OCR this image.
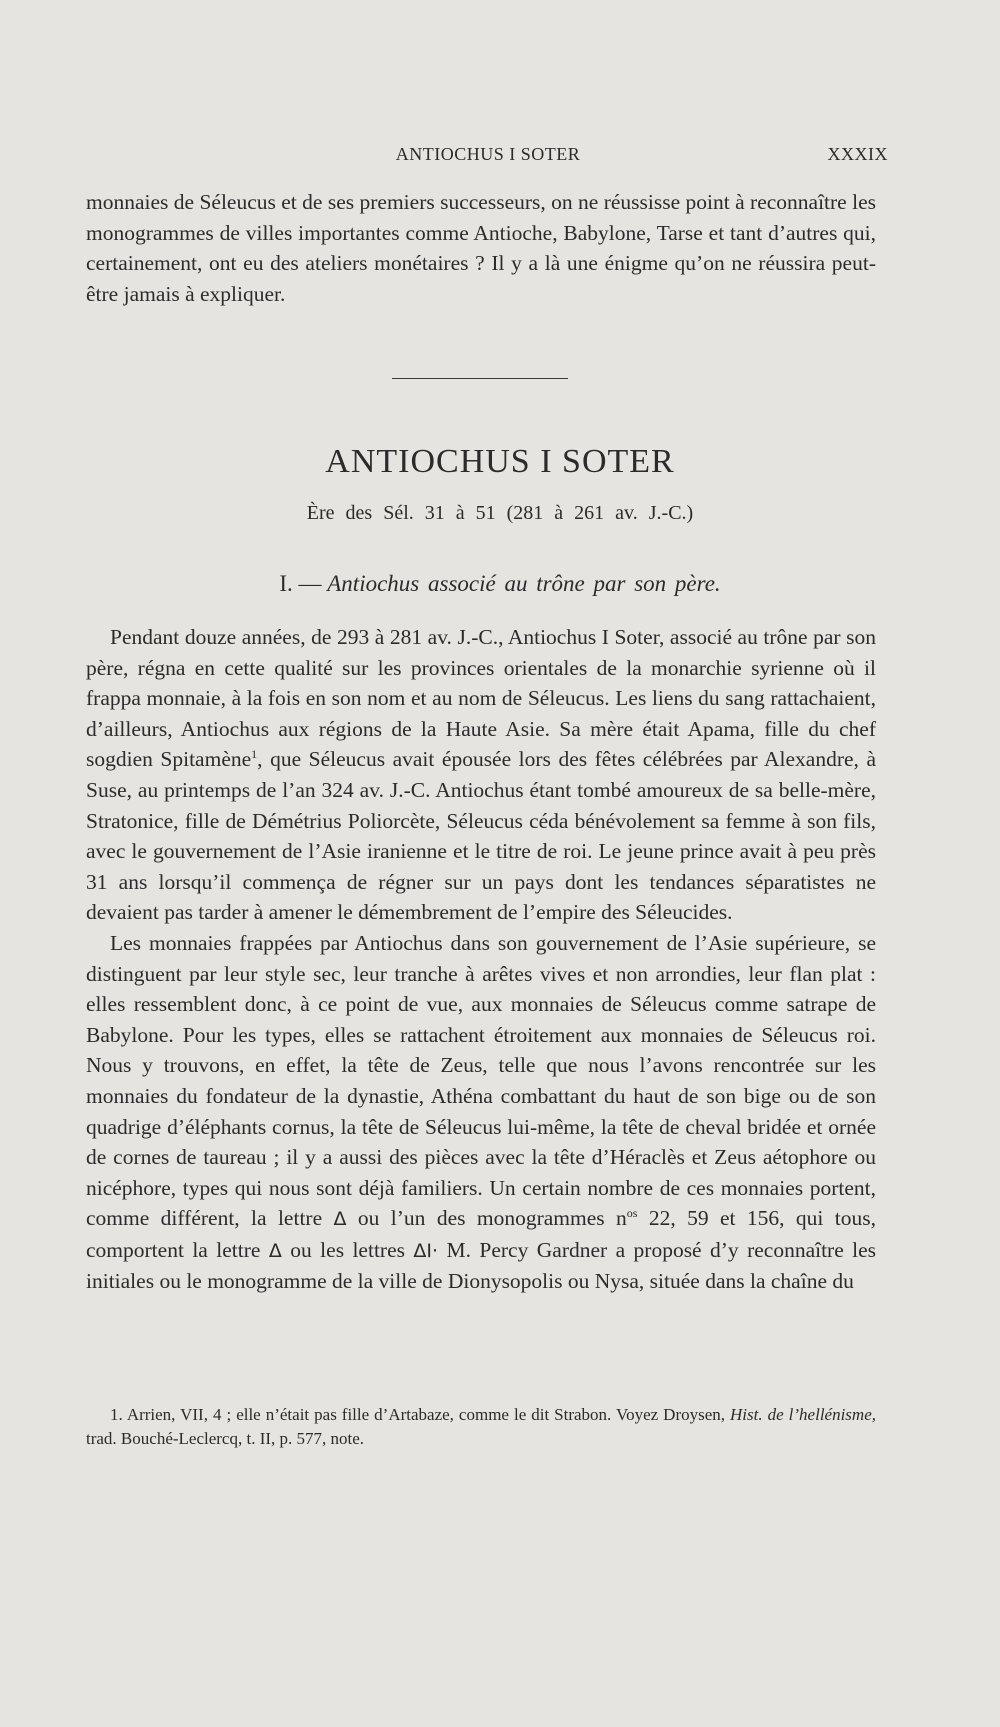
ANTIOCHUS I SOTER	XXXIX

monnaies de Séleucus et de ses premiers successeurs, on ne réussisse point à reconnaître les monogrammes de villes importantes comme Antioche, Babylone, Tarse et tant d’autres qui, certainement, ont eu des ateliers monétaires ? Il y a là une énigme qu’on ne réussira peut-être jamais à expliquer.

ANTIOCHUS I SOTER
Ère des Sél. 31 à 51 (281 à 261 av. J.-C.)
I. — Antiochus associé au trône par son père.

Pendant douze années, de 293 à 281 av. J.-C., Antiochus I Soter, associé au trône par son père, régna en cette qualité sur les provinces orientales de la monarchie syrienne où il frappa monnaie, à la fois en son nom et au nom de Séleucus. Les liens du sang rattachaient, d’ailleurs, Antiochus aux régions de la Haute Asie. Sa mère était Apama, fille du chef sogdien Spitamène$^1$, que Séleucus avait épousée lors des fêtes célébrées par Alexandre, à Suse, au printemps de l’an 324 av. J.-C. Antiochus étant tombé amoureux de sa belle-mère, Stratonice, fille de Démétrius Poliorcète, Séleucus céda bénévolement sa femme à son fils, avec le gouvernement de l’Asie iranienne et le titre de roi. Le jeune prince avait à peu près 31 ans lorsqu’il commença de régner sur un pays dont les tendances séparatistes ne devaient pas tarder à amener le démembrement de l’empire des Séleucides.

Les monnaies frappées par Antiochus dans son gouvernement de l’Asie supérieure, se distinguent par leur style sec, leur tranche à arêtes vives et non arrondies, leur flan plat : elles ressemblent donc, à ce point de vue, aux monnaies de Séleucus comme satrape de Babylone. Pour les types, elles se rattachent étroitement aux monnaies de Séleucus roi. Nous y trouvons, en effet, la tête de Zeus, telle que nous l’avons rencontrée sur les monnaies du fondateur de la dynastie, Athéna combattant du haut de son bige ou de son quadrige d’éléphants cornus, la tête de Séleucus lui-même, la tête de cheval bridée et ornée de cornes de taureau ; il y a aussi des pièces avec la tête d’Héraclès et Zeus aétophore ou nicéphore, types qui nous sont déjà familiers. Un certain nombre de ces monnaies portent, comme différent, la lettre Δ ou l’un des monogrammes $n^{os}$ 22, 59 et 156, qui tous, comportent la lettre Δ ou les lettres ΔΙ· M. Percy Gardner a proposé d’y reconnaître les initiales ou le monogramme de la ville de Dionysopolis ou Nysa, située dans la chaîne du

1. Arrien, VII, 4 ; elle n’était pas fille d’Artabaze, comme le dit Strabon. Voyez Droysen, Hist. de l’hellénisme, trad. Bouché-Leclercq, t. II, p. 577, note.
